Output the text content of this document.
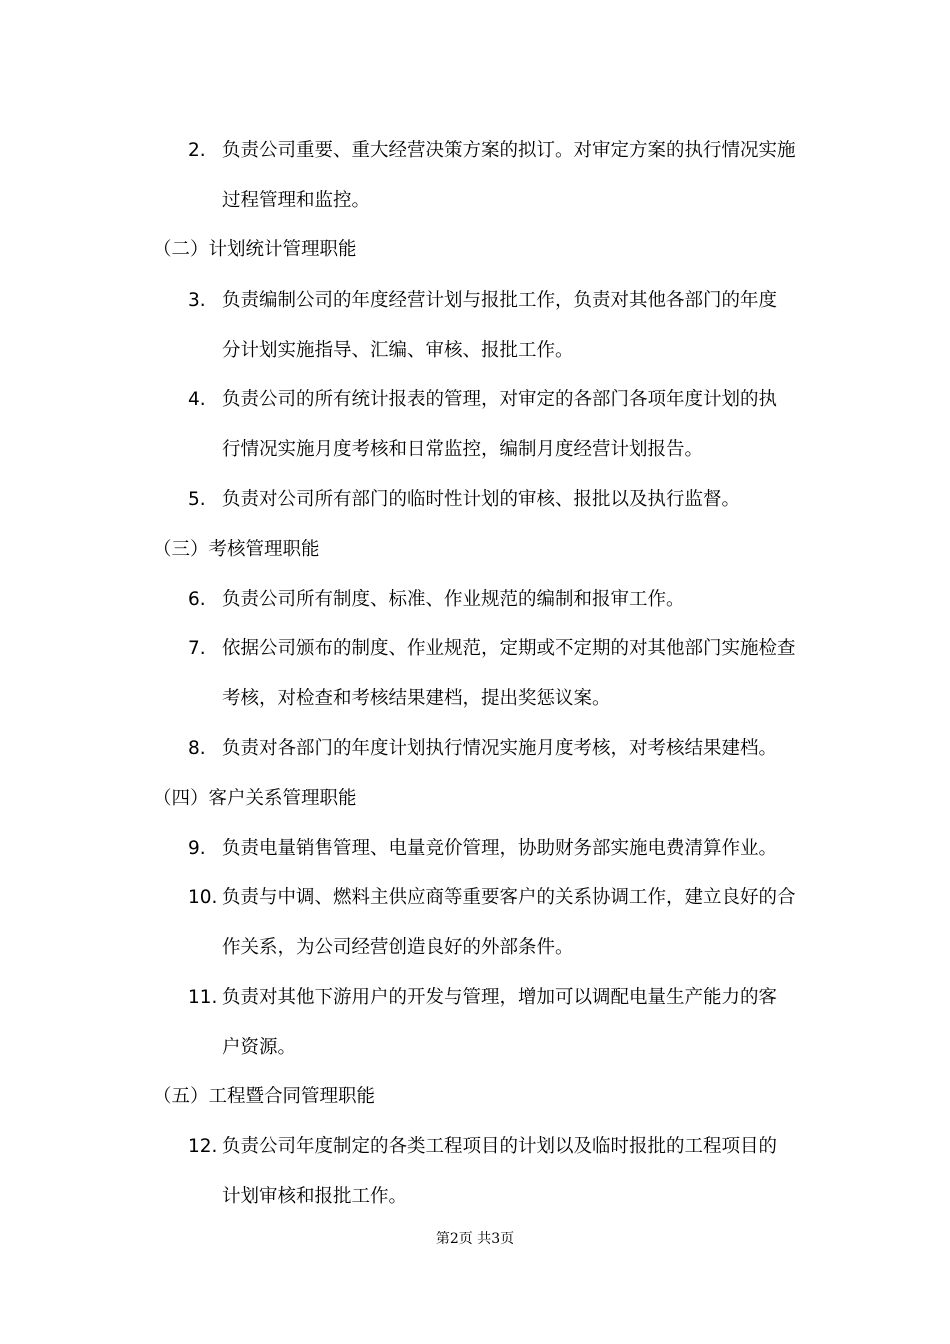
2. 负责公司重要、重大经营决策方案的拟订。对审定方案的执行情况实施
过程管理和监控。
（二）计划统计管理职能
3. 负责编制公司的年度经营计划与报批工作，负责对其他各部门的年度
分计划实施指导、汇编、审核、报批工作。
4. 负责公司的所有统计报表的管理，对审定的各部门各项年度计划的执
行情况实施月度考核和日常监控，编制月度经营计划报告。
5. 负责对公司所有部门的临时性计划的审核、报批以及执行监督。
（三）考核管理职能
6. 负责公司所有制度、标准、作业规范的编制和报审工作。
7. 依据公司颁布的制度、作业规范，定期或不定期的对其他部门实施检查
考核，对检查和考核结果建档，提出奖惩议案。
8. 负责对各部门的年度计划执行情况实施月度考核，对考核结果建档。
（四）客户关系管理职能
9. 负责电量销售管理、电量竞价管理，协助财务部实施电费清算作业。
10. 负责与中调、燃料主供应商等重要客户的关系协调工作，建立良好的合
作关系，为公司经营创造良好的外部条件。
11. 负责对其他下游用户的开发与管理，增加可以调配电量生产能力的客
户资源。
（五）工程暨合同管理职能
12. 负责公司年度制定的各类工程项目的计划以及临时报批的工程项目的
计划审核和报批工作。
第2页 共3页
